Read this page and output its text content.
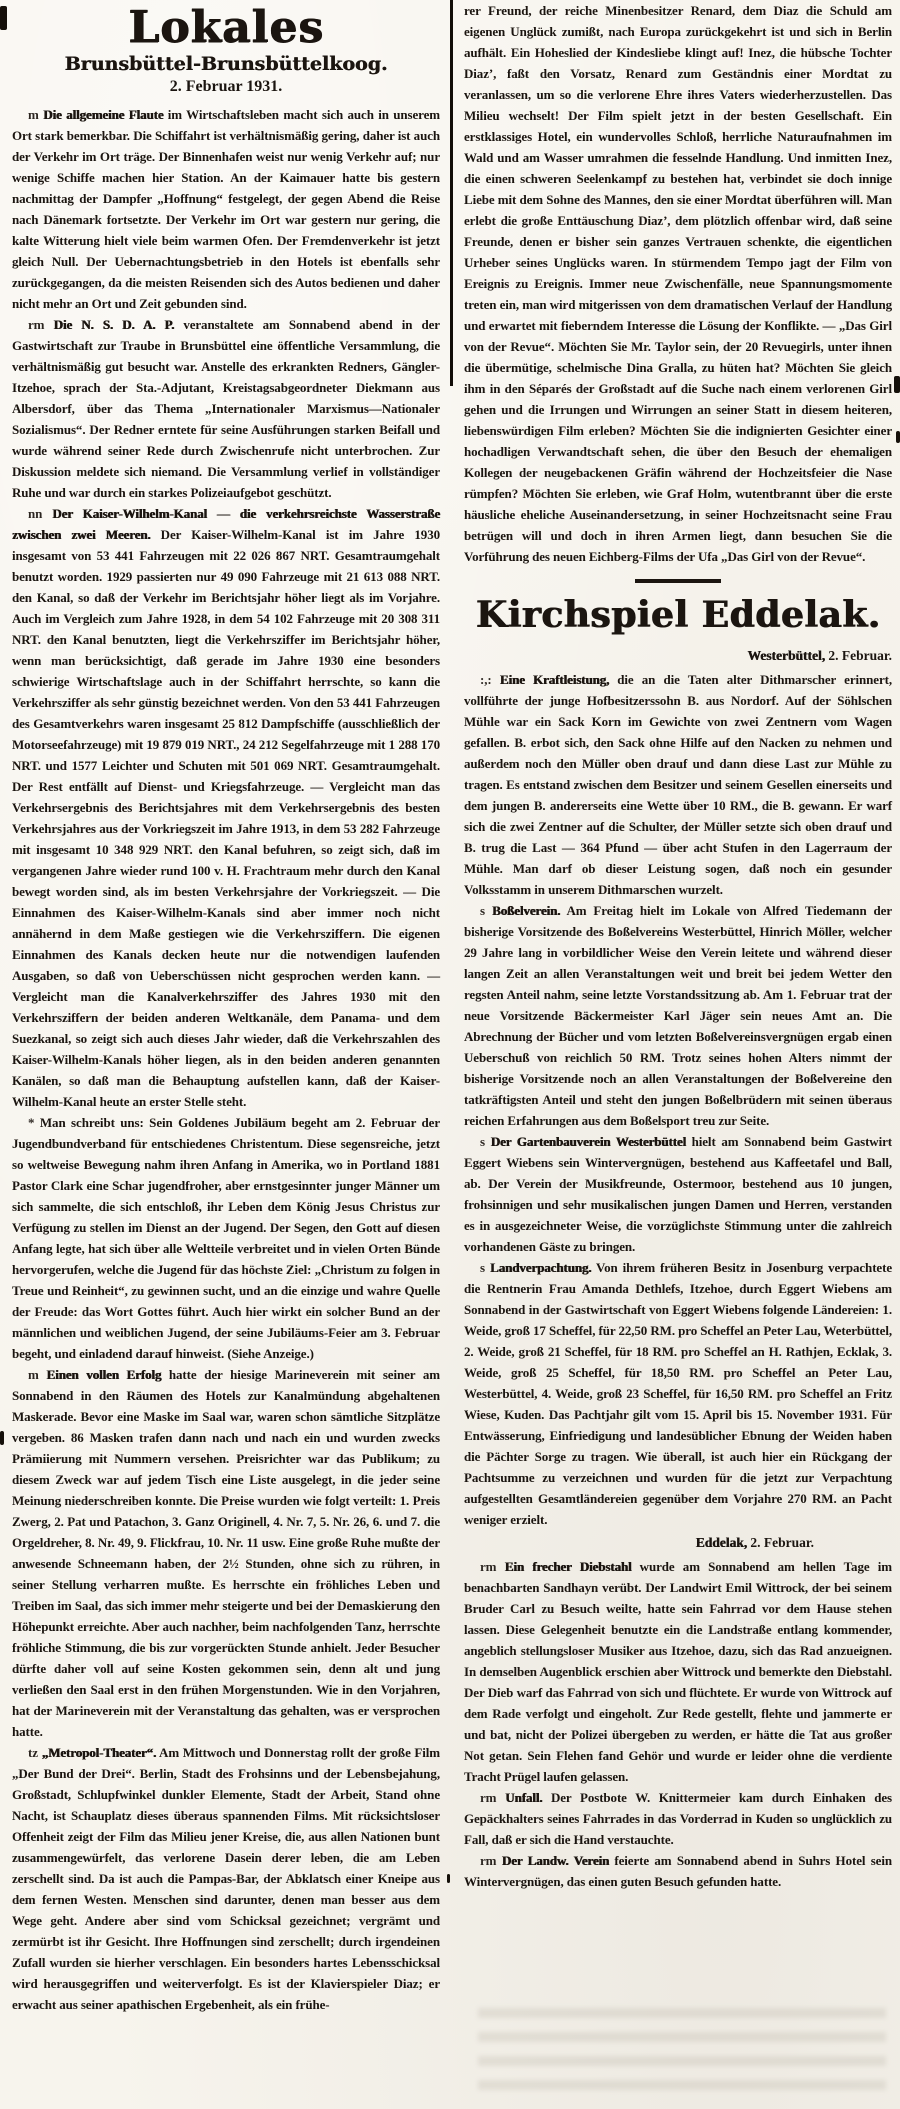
Lokales
Brunsbüttel-Brunsbüttelkoog.
2. Februar 1931.

m Die allgemeine Flaute im Wirtschaftsleben macht sich auch in unserem Ort stark bemerkbar. Die Schiffahrt ist verhältnismäßig gering, daher ist auch der Verkehr im Ort träge. Der Binnenhafen weist nur wenig Verkehr auf; nur wenige Schiffe machen hier Station. An der Kaimauer hatte bis gestern nachmittag der Dampfer „Hoffnung“ festgelegt, der gegen Abend die Reise nach Dänemark fortsetzte. Der Verkehr im Ort war gestern nur gering, die kalte Witterung hielt viele beim warmen Ofen. Der Fremdenverkehr ist jetzt gleich Null. Der Uebernachtungsbetrieb in den Hotels ist ebenfalls sehr zurückgegangen, da die meisten Reisenden sich des Autos bedienen und daher nicht mehr an Ort und Zeit gebunden sind.

rm Die N. S. D. A. P. veranstaltete am Sonnabend abend in der Gastwirtschaft zur Traube in Brunsbüttel eine öffentliche Versammlung, die verhältnismäßig gut besucht war. Anstelle des erkrankten Redners, Gängler-Itzehoe, sprach der Sta.-Adjutant, Kreistagsabgeordneter Diekmann aus Albersdorf, über das Thema „Internationaler Marxismus—Nationaler Sozialismus“. Der Redner erntete für seine Ausführungen starken Beifall und wurde während seiner Rede durch Zwischenrufe nicht unterbrochen. Zur Diskussion meldete sich niemand. Die Versammlung verlief in vollständiger Ruhe und war durch ein starkes Polizeiaufgebot geschützt.

nn Der Kaiser-Wilhelm-Kanal — die verkehrsreichste Wasserstraße zwischen zwei Meeren. Der Kaiser-Wilhelm-Kanal ist im Jahre 1930 insgesamt von 53 441 Fahrzeugen mit 22 026 867 NRT. Gesamtraumgehalt benutzt worden. 1929 passierten nur 49 090 Fahrzeuge mit 21 613 088 NRT. den Kanal, so daß der Verkehr im Berichtsjahr höher liegt als im Vorjahre. Auch im Vergleich zum Jahre 1928, in dem 54 102 Fahrzeuge mit 20 308 311 NRT. den Kanal benutzten, liegt die Verkehrsziffer im Berichtsjahr höher, wenn man berücksichtigt, daß gerade im Jahre 1930 eine besonders schwierige Wirtschaftslage auch in der Schiffahrt herrschte, so kann die Verkehrsziffer als sehr günstig bezeichnet werden. Von den 53 441 Fahrzeugen des Gesamtverkehrs waren insgesamt 25 812 Dampfschiffe (ausschließlich der Motorseefahrzeuge) mit 19 879 019 NRT., 24 212 Segelfahrzeuge mit 1 288 170 NRT. und 1577 Leichter und Schuten mit 501 069 NRT. Gesamtraumgehalt. Der Rest entfällt auf Dienst- und Kriegsfahrzeuge. — Vergleicht man das Verkehrsergebnis des Berichtsjahres mit dem Verkehrsergebnis des besten Verkehrsjahres aus der Vorkriegszeit im Jahre 1913, in dem 53 282 Fahrzeuge mit insgesamt 10 348 929 NRT. den Kanal befuhren, so zeigt sich, daß im vergangenen Jahre wieder rund 100 v. H. Frachtraum mehr durch den Kanal bewegt worden sind, als im besten Verkehrsjahre der Vorkriegszeit. — Die Einnahmen des Kaiser-Wilhelm-Kanals sind aber immer noch nicht annähernd in dem Maße gestiegen wie die Verkehrsziffern. Die eigenen Einnahmen des Kanals decken heute nur die notwendigen laufenden Ausgaben, so daß von Ueberschüssen nicht gesprochen werden kann. — Vergleicht man die Kanalverkehrsziffer des Jahres 1930 mit den Verkehrsziffern der beiden anderen Weltkanäle, dem Panama- und dem Suezkanal, so zeigt sich auch dieses Jahr wieder, daß die Verkehrszahlen des Kaiser-Wilhelm-Kanals höher liegen, als in den beiden anderen genannten Kanälen, so daß man die Behauptung aufstellen kann, daß der Kaiser-Wilhelm-Kanal heute an erster Stelle steht.

* Man schreibt uns: Sein Goldenes Jubiläum begeht am 2. Februar der Jugendbundverband für entschiedenes Christentum. Diese segensreiche, jetzt so weltweise Bewegung nahm ihren Anfang in Amerika, wo in Portland 1881 Pastor Clark eine Schar jugendfroher, aber ernstgesinnter junger Männer um sich sammelte, die sich entschloß, ihr Leben dem König Jesus Christus zur Verfügung zu stellen im Dienst an der Jugend. Der Segen, den Gott auf diesen Anfang legte, hat sich über alle Weltteile verbreitet und in vielen Orten Bünde hervorgerufen, welche die Jugend für das höchste Ziel: „Christum zu folgen in Treue und Reinheit“, zu gewinnen sucht, und an die einzige und wahre Quelle der Freude: das Wort Gottes führt. Auch hier wirkt ein solcher Bund an der männlichen und weiblichen Jugend, der seine Jubiläums-Feier am 3. Februar begeht, und einladend darauf hinweist. (Siehe Anzeige.)

m Einen vollen Erfolg hatte der hiesige Marineverein mit seiner am Sonnabend in den Räumen des Hotels zur Kanalmündung abgehaltenen Maskerade. Bevor eine Maske im Saal war, waren schon sämtliche Sitzplätze vergeben. 86 Masken trafen dann nach und nach ein und wurden zwecks Prämiierung mit Nummern versehen. Preisrichter war das Publikum; zu diesem Zweck war auf jedem Tisch eine Liste ausgelegt, in die jeder seine Meinung niederschreiben konnte. Die Preise wurden wie folgt verteilt: 1. Preis Zwerg, 2. Pat und Patachon, 3. Ganz Originell, 4. Nr. 7, 5. Nr. 26, 6. und 7. die Orgeldreher, 8. Nr. 49, 9. Flickfrau, 10. Nr. 11 usw. Eine große Ruhe mußte der anwesende Schneemann haben, der 2½ Stunden, ohne sich zu rühren, in seiner Stellung verharren mußte. Es herrschte ein fröhliches Leben und Treiben im Saal, das sich immer mehr steigerte und bei der Demaskierung den Höhepunkt erreichte. Aber auch nachher, beim nachfolgenden Tanz, herrschte fröhliche Stimmung, die bis zur vorgerückten Stunde anhielt. Jeder Besucher dürfte daher voll auf seine Kosten gekommen sein, denn alt und jung verließen den Saal erst in den frühen Morgenstunden. Wie in den Vorjahren, hat der Marineverein mit der Veranstaltung das gehalten, was er versprochen hatte.

tz „Metropol-Theater“. Am Mittwoch und Donnerstag rollt der große Film „Der Bund der Drei“. Berlin, Stadt des Frohsinns und der Lebensbejahung, Großstadt, Schlupfwinkel dunkler Elemente, Stadt der Arbeit, Stand ohne Nacht, ist Schauplatz dieses überaus spannenden Films. Mit rücksichtsloser Offenheit zeigt der Film das Milieu jener Kreise, die, aus allen Nationen bunt zusammengewürfelt, das verlorene Dasein derer leben, die am Leben zerschellt sind. Da ist auch die Pampas-Bar, der Abklatsch einer Kneipe aus dem fernen Westen. Menschen sind darunter, denen man besser aus dem Wege geht. Andere aber sind vom Schicksal gezeichnet; vergrämt und zermürbt ist ihr Gesicht. Ihre Hoffnungen sind zerschellt; durch irgendeinen Zufall wurden sie hierher verschlagen. Ein besonders hartes Lebensschicksal wird herausgegriffen und weiterverfolgt. Es ist der Klavierspieler Diaz; er erwacht aus seiner apathischen Ergebenheit, als ein frühe-

rer Freund, der reiche Minenbesitzer Renard, dem Diaz die Schuld am eigenen Unglück zumißt, nach Europa zurückgekehrt ist und sich in Berlin aufhält. Ein Hoheslied der Kindesliebe klingt auf! Inez, die hübsche Tochter Diaz’, faßt den Vorsatz, Renard zum Geständnis einer Mordtat zu veranlassen, um so die verlorene Ehre ihres Vaters wiederherzustellen. Das Milieu wechselt! Der Film spielt jetzt in der besten Gesellschaft. Ein erstklassiges Hotel, ein wundervolles Schloß, herrliche Naturaufnahmen im Wald und am Wasser umrahmen die fesselnde Handlung. Und inmitten Inez, die einen schweren Seelenkampf zu bestehen hat, verbindet sie doch innige Liebe mit dem Sohne des Mannes, den sie einer Mordtat überführen will. Man erlebt die große Enttäuschung Diaz’, dem plötzlich offenbar wird, daß seine Freunde, denen er bisher sein ganzes Vertrauen schenkte, die eigentlichen Urheber seines Unglücks waren. In stürmendem Tempo jagt der Film von Ereignis zu Ereignis. Immer neue Zwischenfälle, neue Spannungsmomente treten ein, man wird mitgerissen von dem dramatischen Verlauf der Handlung und erwartet mit fieberndem Interesse die Lösung der Konflikte. — „Das Girl von der Revue“. Möchten Sie Mr. Taylor sein, der 20 Revuegirls, unter ihnen die übermütige, schelmische Dina Gralla, zu hüten hat? Möchten Sie gleich ihm in den Séparés der Großstadt auf die Suche nach einem verlorenen Girl gehen und die Irrungen und Wirrungen an seiner Statt in diesem heiteren, liebenswürdigen Film erleben? Möchten Sie die indignierten Gesichter einer hochadligen Verwandtschaft sehen, die über den Besuch der ehemaligen Kollegen der neugebackenen Gräfin während der Hochzeitsfeier die Nase rümpfen? Möchten Sie erleben, wie Graf Holm, wutentbrannt über die erste häusliche eheliche Auseinandersetzung, in seiner Hochzeitsnacht seine Frau betrügen will und doch in ihren Armen liegt, dann besuchen Sie die Vorführung des neuen Eichberg-Films der Ufa „Das Girl von der Revue“.

Kirchspiel Eddelak.

Westerbüttel, 2. Februar.

:,: Eine Kraftleistung, die an die Taten alter Dithmarscher erinnert, vollführte der junge Hofbesitzerssohn B. aus Nordorf. Auf der Söhlschen Mühle war ein Sack Korn im Gewichte von zwei Zentnern vom Wagen gefallen. B. erbot sich, den Sack ohne Hilfe auf den Nacken zu nehmen und außerdem noch den Müller oben drauf und dann diese Last zur Mühle zu tragen. Es entstand zwischen dem Besitzer und seinem Gesellen einerseits und dem jungen B. andererseits eine Wette über 10 RM., die B. gewann. Er warf sich die zwei Zentner auf die Schulter, der Müller setzte sich oben drauf und B. trug die Last — 364 Pfund — über acht Stufen in den Lagerraum der Mühle. Man darf ob dieser Leistung sogen, daß noch ein gesunder Volksstamm in unserem Dithmarschen wurzelt.

s Boßelverein. Am Freitag hielt im Lokale von Alfred Tiedemann der bisherige Vorsitzende des Boßelvereins Westerbüttel, Hinrich Möller, welcher 29 Jahre lang in vorbildlicher Weise den Verein leitete und während dieser langen Zeit an allen Veranstaltungen weit und breit bei jedem Wetter den regsten Anteil nahm, seine letzte Vorstandssitzung ab. Am 1. Februar trat der neue Vorsitzende Bäckermeister Karl Jäger sein neues Amt an. Die Abrechnung der Bücher und vom letzten Boßelvereinsvergnügen ergab einen Ueberschuß von reichlich 50 RM. Trotz seines hohen Alters nimmt der bisherige Vorsitzende noch an allen Veranstaltungen der Boßelvereine den tatkräftigsten Anteil und steht den jungen Boßelbrüdern mit seinen überaus reichen Erfahrungen aus dem Boßelsport treu zur Seite.

s Der Gartenbauverein Westerbüttel hielt am Sonnabend beim Gastwirt Eggert Wiebens sein Wintervergnügen, bestehend aus Kaffeetafel und Ball, ab. Der Verein der Musikfreunde, Ostermoor, bestehend aus 10 jungen, frohsinnigen und sehr musikalischen jungen Damen und Herren, verstanden es in ausgezeichneter Weise, die vorzüglichste Stimmung unter die zahlreich vorhandenen Gäste zu bringen.

s Landverpachtung. Von ihrem früheren Besitz in Josenburg verpachtete die Rentnerin Frau Amanda Dethlefs, Itzehoe, durch Eggert Wiebens am Sonnabend in der Gastwirtschaft von Eggert Wiebens folgende Ländereien: 1. Weide, groß 17 Scheffel, für 22,50 RM. pro Scheffel an Peter Lau, Weterbüttel, 2. Weide, groß 21 Scheffel, für 18 RM. pro Scheffel an H. Rathjen, Ecklak, 3. Weide, groß 25 Scheffel, für 18,50 RM. pro Scheffel an Peter Lau, Westerbüttel, 4. Weide, groß 23 Scheffel, für 16,50 RM. pro Scheffel an Fritz Wiese, Kuden. Das Pachtjahr gilt vom 15. April bis 15. November 1931. Für Entwässerung, Einfriedigung und landesüblicher Ebnung der Weiden haben die Pächter Sorge zu tragen. Wie überall, ist auch hier ein Rückgang der Pachtsumme zu verzeichnen und wurden für die jetzt zur Verpachtung aufgestellten Gesamtländereien gegenüber dem Vorjahre 270 RM. an Pacht weniger erzielt.

Eddelak, 2. Februar.

rm Ein frecher Diebstahl wurde am Sonnabend am hellen Tage im benachbarten Sandhayn verübt. Der Landwirt Emil Wittrock, der bei seinem Bruder Carl zu Besuch weilte, hatte sein Fahrrad vor dem Hause stehen lassen. Diese Gelegenheit benutzte ein die Landstraße entlang kommender, angeblich stellungsloser Musiker aus Itzehoe, dazu, sich das Rad anzueignen. In demselben Augenblick erschien aber Wittrock und bemerkte den Diebstahl. Der Dieb warf das Fahrrad von sich und flüchtete. Er wurde von Wittrock auf dem Rade verfolgt und eingeholt. Zur Rede gestellt, flehte und jammerte er und bat, nicht der Polizei übergeben zu werden, er hätte die Tat aus großer Not getan. Sein Flehen fand Gehör und wurde er leider ohne die verdiente Tracht Prügel laufen gelassen.

rm Unfall. Der Postbote W. Knittermeier kam durch Einhaken des Gepäckhalters seines Fahrrades in das Vorderrad in Kuden so unglücklich zu Fall, daß er sich die Hand verstauchte.

rm Der Landw. Verein feierte am Sonnabend abend in Suhrs Hotel sein Wintervergnügen, das einen guten Besuch gefunden hatte.
